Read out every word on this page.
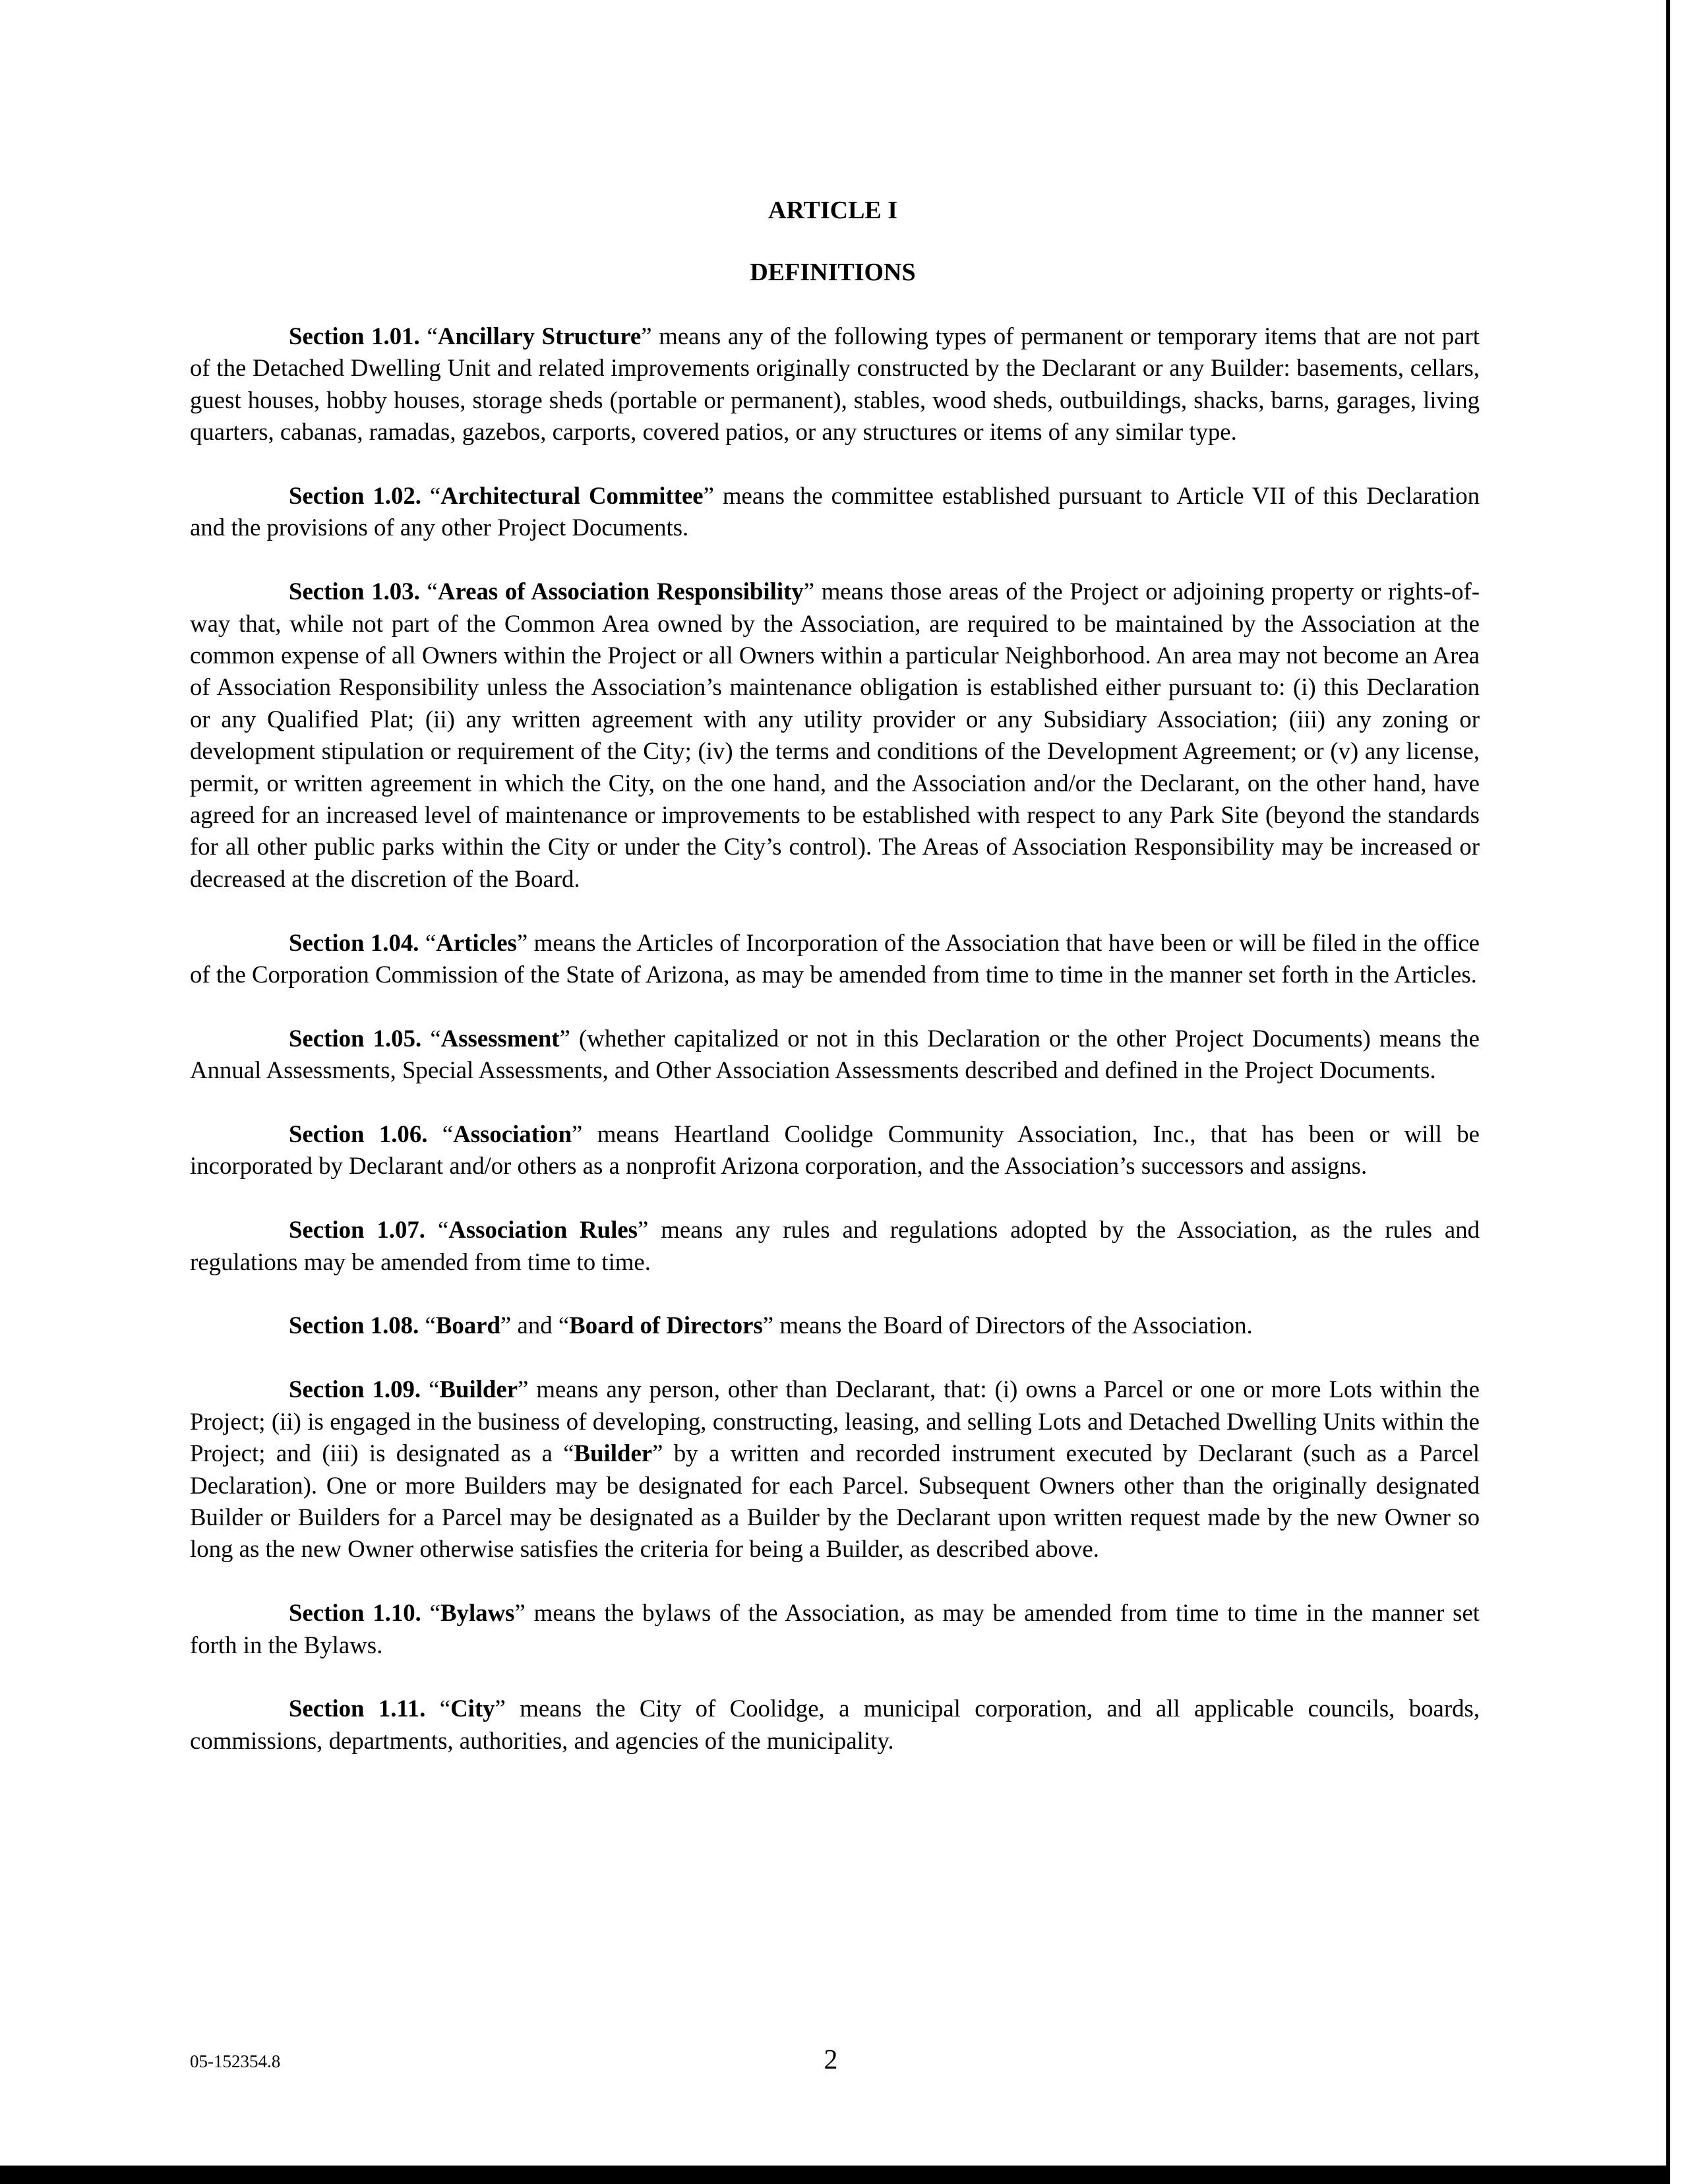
ARTICLE I
DEFINITIONS

Section 1.01. “Ancillary Structure” means any of the following types of permanent or temporary items that are not part of the Detached Dwelling Unit and related improvements originally constructed by the Declarant or any Builder: basements, cellars, guest houses, hobby houses, storage sheds (portable or permanent), stables, wood sheds, outbuildings, shacks, barns, garages, living quarters, cabanas, ramadas, gazebos, carports, covered patios, or any structures or items of any similar type.

Section 1.02. “Architectural Committee” means the committee established pursuant to Article VII of this Declaration and the provisions of any other Project Documents.

Section 1.03. “Areas of Association Responsibility” means those areas of the Project or adjoining property or rights-of-way that, while not part of the Common Area owned by the Association, are required to be maintained by the Association at the common expense of all Owners within the Project or all Owners within a particular Neighborhood. An area may not become an Area of Association Responsibility unless the Association’s maintenance obligation is established either pursuant to: (i) this Declaration or any Qualified Plat; (ii) any written agreement with any utility provider or any Subsidiary Association; (iii) any zoning or development stipulation or requirement of the City; (iv) the terms and conditions of the Development Agreement; or (v) any license, permit, or written agreement in which the City, on the one hand, and the Association and/or the Declarant, on the other hand, have agreed for an increased level of maintenance or improvements to be established with respect to any Park Site (beyond the standards for all other public parks within the City or under the City’s control). The Areas of Association Responsibility may be increased or decreased at the discretion of the Board.

Section 1.04. “Articles” means the Articles of Incorporation of the Association that have been or will be filed in the office of the Corporation Commission of the State of Arizona, as may be amended from time to time in the manner set forth in the Articles.

Section 1.05. “Assessment” (whether capitalized or not in this Declaration or the other Project Documents) means the Annual Assessments, Special Assessments, and Other Association Assessments described and defined in the Project Documents.

Section 1.06. “Association” means Heartland Coolidge Community Association, Inc., that has been or will be incorporated by Declarant and/or others as a nonprofit Arizona corporation, and the Association’s successors and assigns.

Section 1.07. “Association Rules” means any rules and regulations adopted by the Association, as the rules and regulations may be amended from time to time.

Section 1.08. “Board” and “Board of Directors” means the Board of Directors of the Association.

Section 1.09. “Builder” means any person, other than Declarant, that: (i) owns a Parcel or one or more Lots within the Project; (ii) is engaged in the business of developing, constructing, leasing, and selling Lots and Detached Dwelling Units within the Project; and (iii) is designated as a “Builder” by a written and recorded instrument executed by Declarant (such as a Parcel Declaration). One or more Builders may be designated for each Parcel. Subsequent Owners other than the originally designated Builder or Builders for a Parcel may be designated as a Builder by the Declarant upon written request made by the new Owner so long as the new Owner otherwise satisfies the criteria for being a Builder, as described above.

Section 1.10. “Bylaws” means the bylaws of the Association, as may be amended from time to time in the manner set forth in the Bylaws.

Section 1.11. “City” means the City of Coolidge, a municipal corporation, and all applicable councils, boards, commissions, departments, authorities, and agencies of the municipality.

05-152354.8	2
